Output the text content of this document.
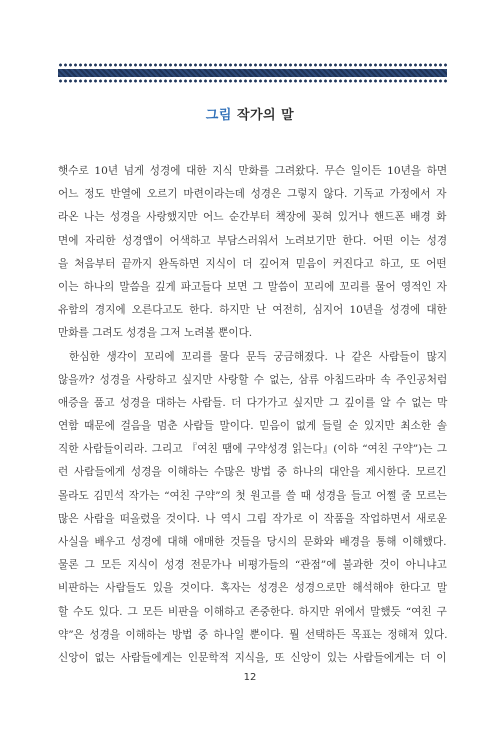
그림 작가의 말
햇수로 10년 넘게 성경에 대한 지식 만화를 그려왔다. 무슨 일이든 10년을 하면
어느 정도 반열에 오르기 마련이라는데 성경은 그렇지 않다. 기독교 가정에서 자
라온 나는 성경을 사랑했지만 어느 순간부터 책장에 꽂혀 있거나 핸드폰 배경 화
면에 자리한 성경앱이 어색하고 부담스러워서 노려보기만 한다. 어떤 이는 성경
을 처음부터 끝까지 완독하면 지식이 더 깊어져 믿음이 커진다고 하고, 또 어떤
이는 하나의 말씀을 깊게 파고들다 보면 그 말씀이 꼬리에 꼬리를 물어 영적인 자
유함의 경지에 오른다고도 한다. 하지만 난 여전히, 심지어 10년을 성경에 대한
만화를 그려도 성경을 그저 노려볼 뿐이다.
한심한 생각이 꼬리에 꼬리를 물다 문득 궁금해졌다. 나 같은 사람들이 많지
않을까? 성경을 사랑하고 싶지만 사랑할 수 없는, 삼류 아침드라마 속 주인공처럼
애증을 품고 성경을 대하는 사람들. 더 다가가고 싶지만 그 깊이를 알 수 없는 막
연함 때문에 걸음을 멈춘 사람들 말이다. 믿음이 없게 들릴 순 있지만 최소한 솔
직한 사람들이리라. 그리고 『여친 땜에 구약성경 읽는다』(이하 “여친 구약”)는 그
런 사람들에게 성경을 이해하는 수많은 방법 중 하나의 대안을 제시한다. 모르긴
몰라도 김민석 작가는 “여친 구약”의 첫 원고를 쓸 때 성경을 들고 어쩔 줄 모르는
많은 사람을 떠올렸을 것이다. 나 역시 그림 작가로 이 작품을 작업하면서 새로운
사실을 배우고 성경에 대해 애매한 것들을 당시의 문화와 배경을 통해 이해했다.
물론 그 모든 지식이 성경 전문가나 비평가들의 “관점”에 불과한 것이 아니냐고
비판하는 사람들도 있을 것이다. 혹자는 성경은 성경으로만 해석해야 한다고 말
할 수도 있다. 그 모든 비판을 이해하고 존중한다. 하지만 위에서 말했듯 “여친 구
약”은 성경을 이해하는 방법 중 하나일 뿐이다. 뭘 선택하든 목표는 정해져 있다.
신앙이 없는 사람들에게는 인문학적 지식을, 또 신앙이 있는 사람들에게는 더 이
12
